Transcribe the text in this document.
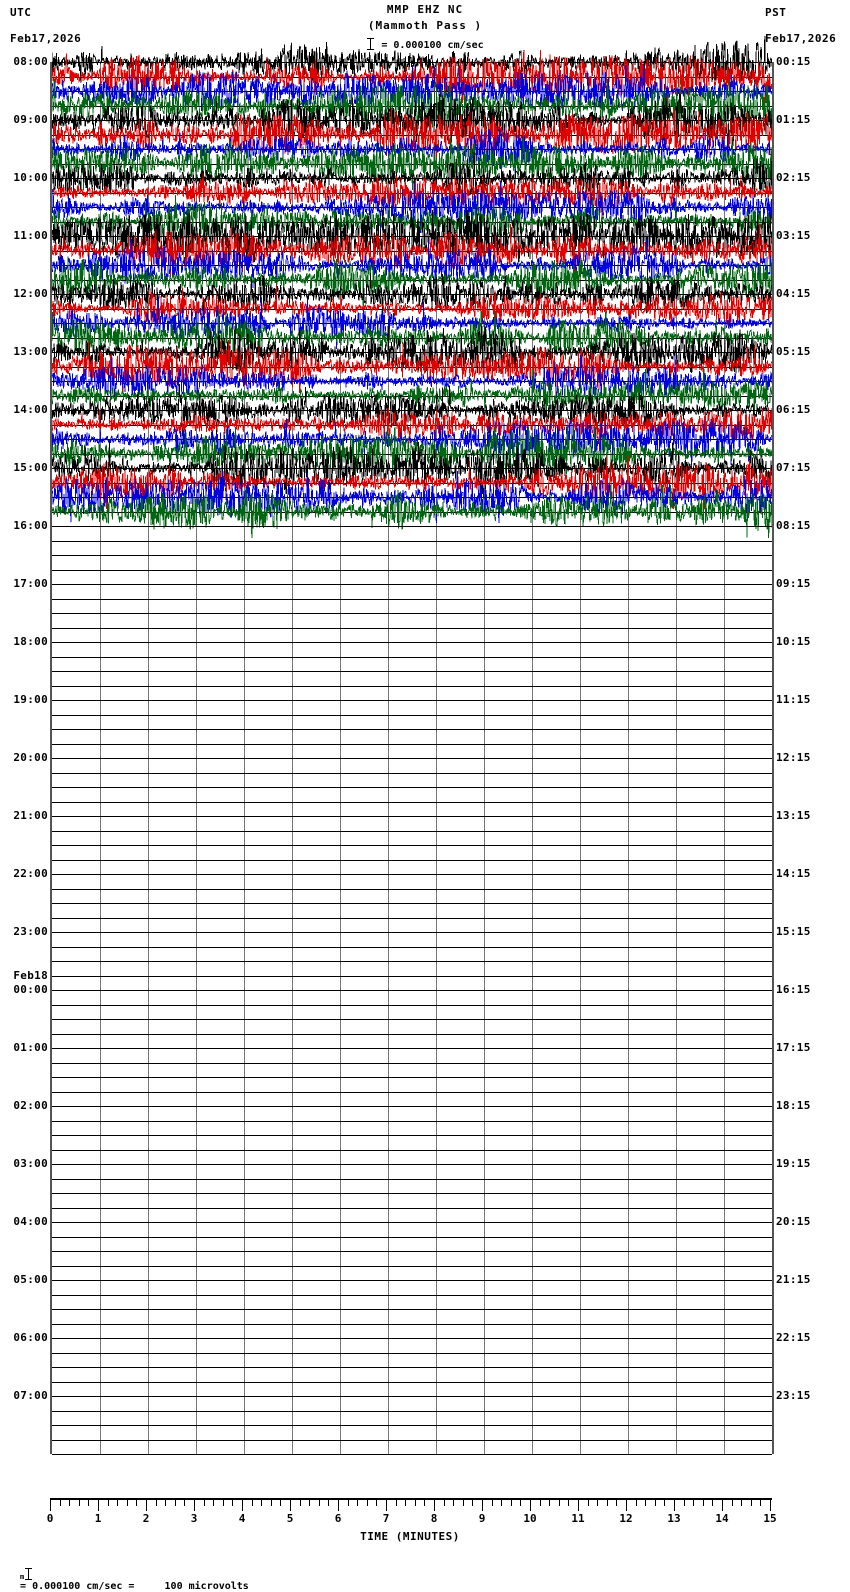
UTC
Feb17,2026
PST
Feb17,2026
MMP EHZ NC
(Mammoth Pass )
= 0.000100 cm/sec
08:00
09:00
10:00
11:00
12:00
13:00
14:00
15:00
16:00
17:00
18:00
19:00
20:00
21:00
22:00
23:00
00:00
01:00
02:00
03:00
04:00
05:00
06:00
07:00
Feb18
00:15
01:15
02:15
03:15
04:15
05:15
06:15
07:15
08:15
09:15
10:15
11:15
12:15
13:15
14:15
15:15
16:15
17:15
18:15
19:15
20:15
21:15
22:15
23:15
0	1	2	3	4	5	6	7	8	9	10	11	12	13	14	15
TIME (MINUTES)

m
= 0.000100 cm/sec =     100 microvolts
